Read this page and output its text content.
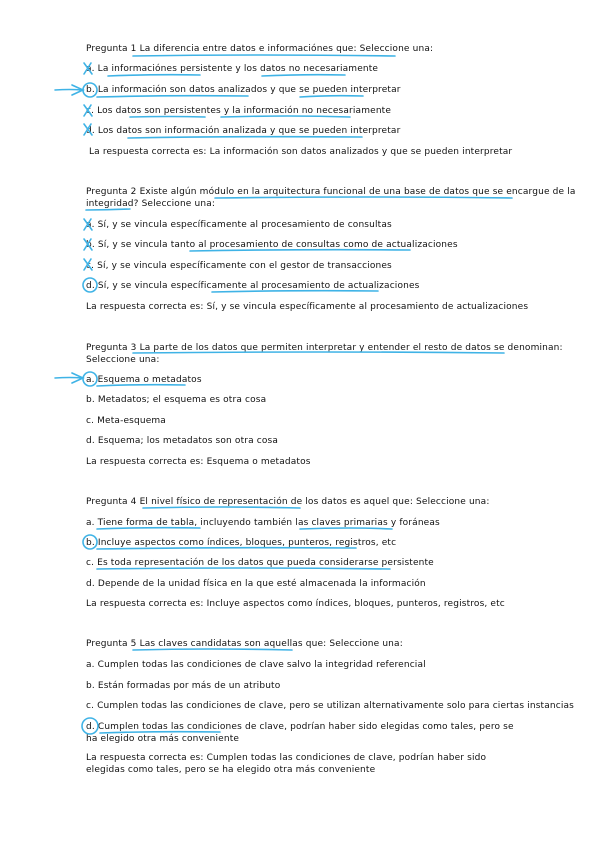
Pregunta 1 La diferencia entre datos e informaciónes que: Seleccione una:
a. La informaciónes persistente y los datos no necesariamente
b. La información son datos analizados y que se pueden interpretar
c. Los datos son persistentes y la información no necesariamente
d. Los datos son información analizada y que se pueden interpretar
La respuesta correcta es: La información son datos analizados y que se pueden interpretar
Pregunta 2 Existe algún módulo en la arquitectura funcional de una base de datos que se encargue de la
integridad? Seleccione una:
a. Sí, y se vincula específicamente al procesamiento de consultas
b. Sí, y se vincula tanto al procesamiento de consultas como de actualizaciones
c. Sí, y se vincula específicamente con el gestor de transacciones
d. Sí, y se vincula específicamente al procesamiento de actualizaciones
La respuesta correcta es: Sí, y se vincula específicamente al procesamiento de actualizaciones
Pregunta 3 La parte de los datos que permiten interpretar y entender el resto de datos se denominan:
Seleccione una:
a. Esquema o metadatos
b. Metadatos; el esquema es otra cosa
c. Meta-esquema
d. Esquema; los metadatos son otra cosa
La respuesta correcta es: Esquema o metadatos
Pregunta 4 El nivel físico de representación de los datos es aquel que: Seleccione una:
a. Tiene forma de tabla, incluyendo también las claves primarias y foráneas
b. Incluye aspectos como índices, bloques, punteros, registros, etc
c. Es toda representación de los datos que pueda considerarse persistente
d. Depende de la unidad física en la que esté almacenada la información
La respuesta correcta es: Incluye aspectos como índices, bloques, punteros, registros, etc
Pregunta 5 Las claves candidatas son aquellas que: Seleccione una:
a. Cumplen todas las condiciones de clave salvo la integridad referencial
b. Están formadas por más de un atributo
c. Cumplen todas las condiciones de clave, pero se utilizan alternativamente solo para ciertas instancias
d. Cumplen todas las condiciones de clave, podrían haber sido elegidas como tales, pero se ha elegido otra más conveniente
La respuesta correcta es: Cumplen todas las condiciones de clave, podrían haber sido elegidas como tales, pero se ha elegido otra más conveniente
